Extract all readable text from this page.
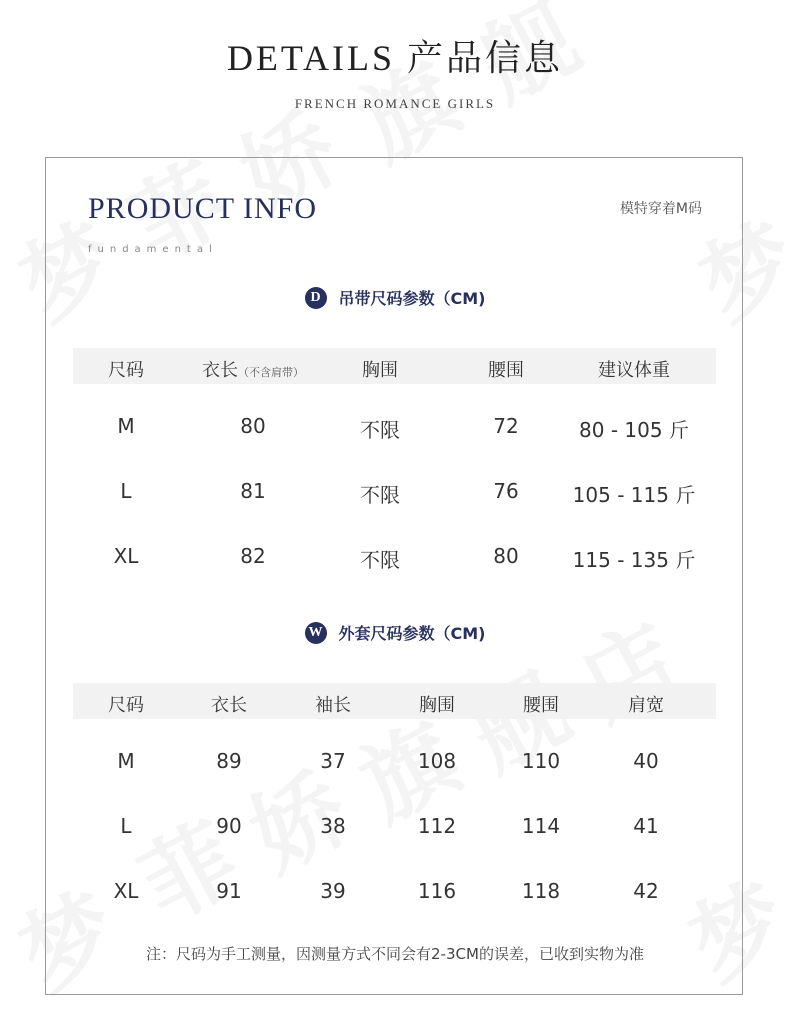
DETAILS 产品信息
FRENCH ROMANCE GIRLS
PRODUCT INFO
fundamental
模特穿着M码
D 吊带尺码参数（CM)
尺码	衣长（不含肩带）	胸围	腰围	建议体重
M	80	不限	72	80 - 105 斤
L	81	不限	76	105 - 115 斤
XL	82	不限	80	115 - 135 斤
W 外套尺码参数（CM)
尺码	衣长	袖长	胸围	腰围	肩宽
M	89	37	108	110	40
L	90	38	112	114	41
XL	91	39	116	118	42
注：尺码为手工测量，因测量方式不同会有2-3CM的误差，已收到实物为准
